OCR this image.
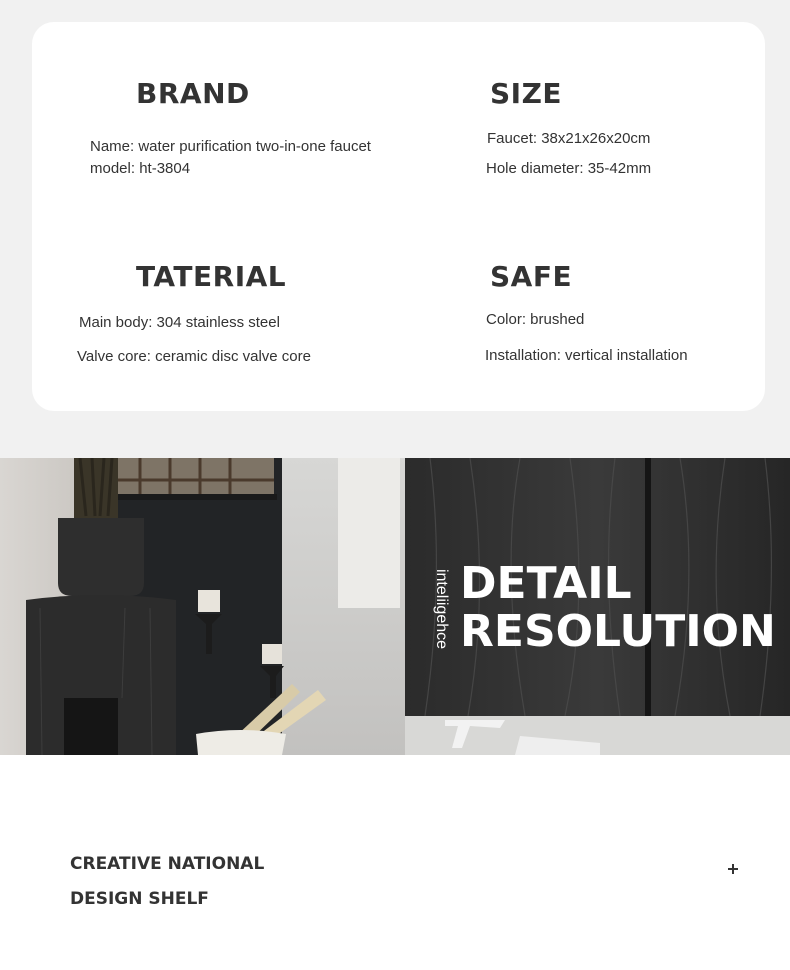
BRAND
Name: water purification two-in-one faucet
model: ht-3804
SIZE
Faucet: 38x21x26x20cm
Hole diameter: 35-42mm
TATERIAL
Main body: 304 stainless steel
Valve core: ceramic disc valve core
SAFE
Color: brushed
Installation: vertical installation
inteliigehce DETAIL
RESOLUTION
CREATIVE NATIONAL
DESIGN SHELF
